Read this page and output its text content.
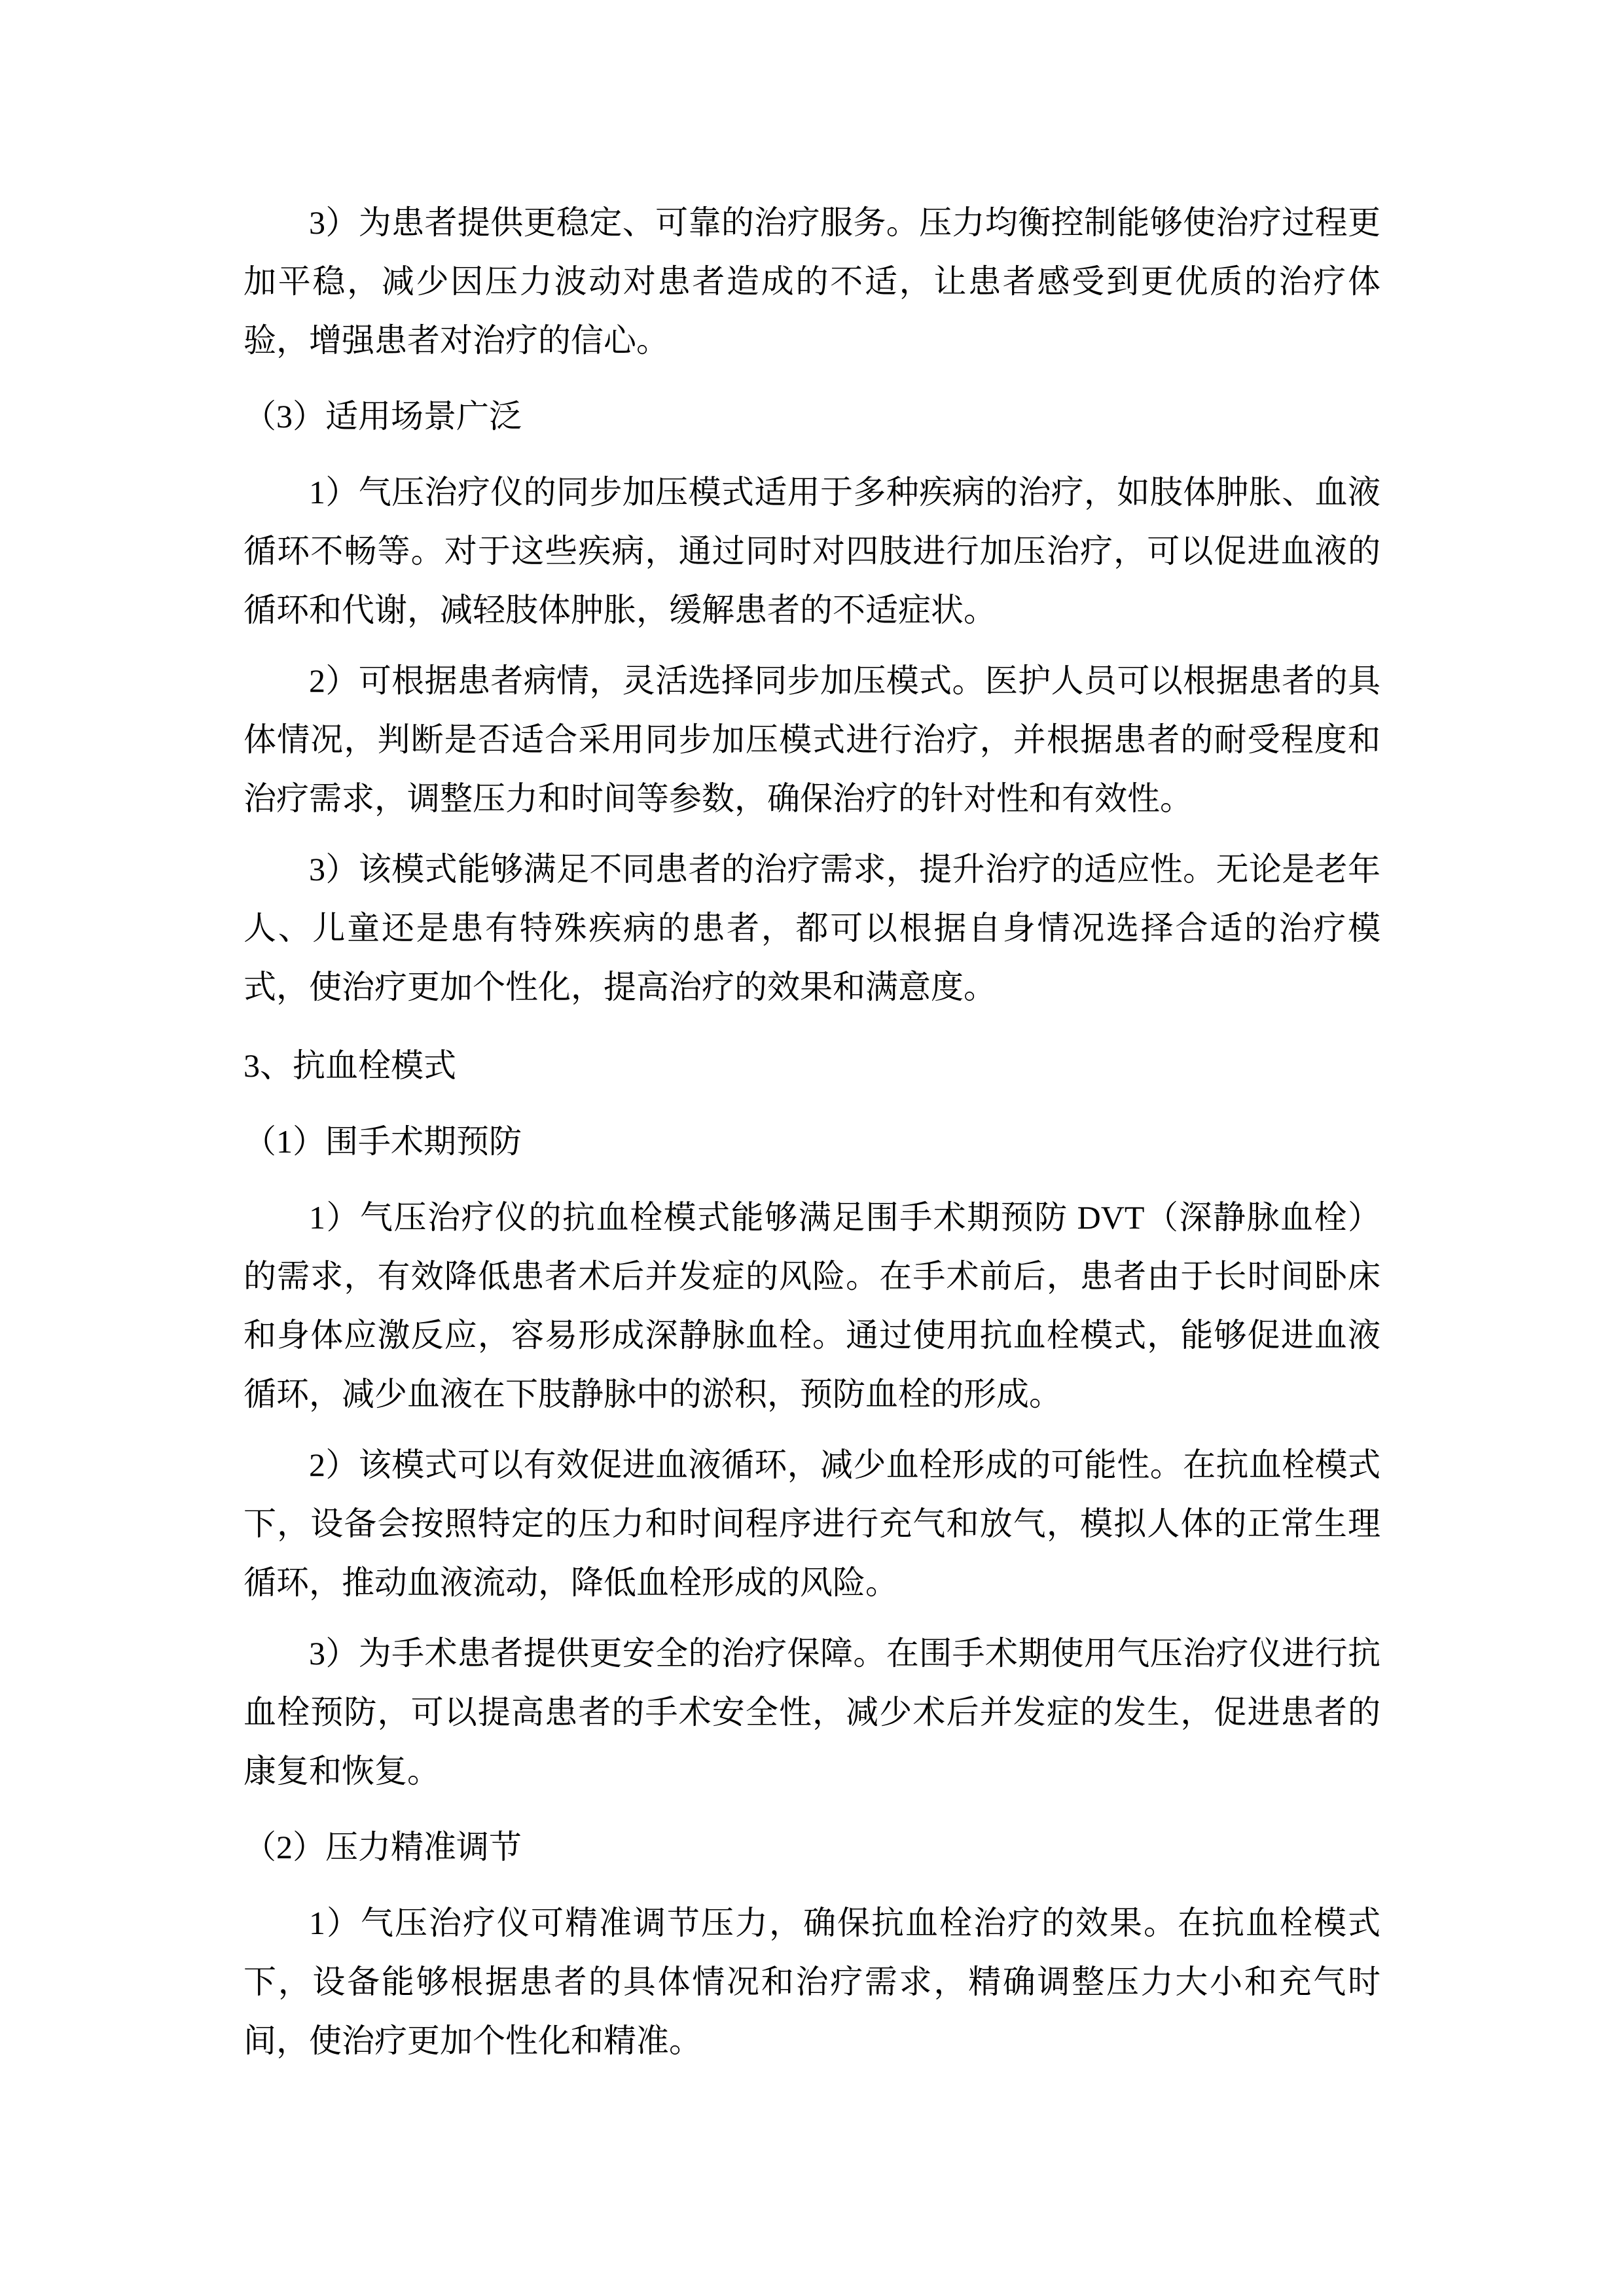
3）为患者提供更稳定、可靠的治疗服务。压力均衡控制能够使治疗过程更加平稳，减少因压力波动对患者造成的不适，让患者感受到更优质的治疗体验，增强患者对治疗的信心。

（3）适用场景广泛

1）气压治疗仪的同步加压模式适用于多种疾病的治疗，如肢体肿胀、血液循环不畅等。对于这些疾病，通过同时对四肢进行加压治疗，可以促进血液的循环和代谢，减轻肢体肿胀，缓解患者的不适症状。

2）可根据患者病情，灵活选择同步加压模式。医护人员可以根据患者的具体情况，判断是否适合采用同步加压模式进行治疗，并根据患者的耐受程度和治疗需求，调整压力和时间等参数，确保治疗的针对性和有效性。

3）该模式能够满足不同患者的治疗需求，提升治疗的适应性。无论是老年人、儿童还是患有特殊疾病的患者，都可以根据自身情况选择合适的治疗模式，使治疗更加个性化，提高治疗的效果和满意度。

3、抗血栓模式

（1）围手术期预防

1）气压治疗仪的抗血栓模式能够满足围手术期预防 DVT（深静脉血栓）的需求，有效降低患者术后并发症的风险。在手术前后，患者由于长时间卧床和身体应激反应，容易形成深静脉血栓。通过使用抗血栓模式，能够促进血液循环，减少血液在下肢静脉中的淤积，预防血栓的形成。

2）该模式可以有效促进血液循环，减少血栓形成的可能性。在抗血栓模式下，设备会按照特定的压力和时间程序进行充气和放气，模拟人体的正常生理循环，推动血液流动，降低血栓形成的风险。

3）为手术患者提供更安全的治疗保障。在围手术期使用气压治疗仪进行抗血栓预防，可以提高患者的手术安全性，减少术后并发症的发生，促进患者的康复和恢复。

（2）压力精准调节

1）气压治疗仪可精准调节压力，确保抗血栓治疗的效果。在抗血栓模式下，设备能够根据患者的具体情况和治疗需求，精确调整压力大小和充气时间，使治疗更加个性化和精准。
